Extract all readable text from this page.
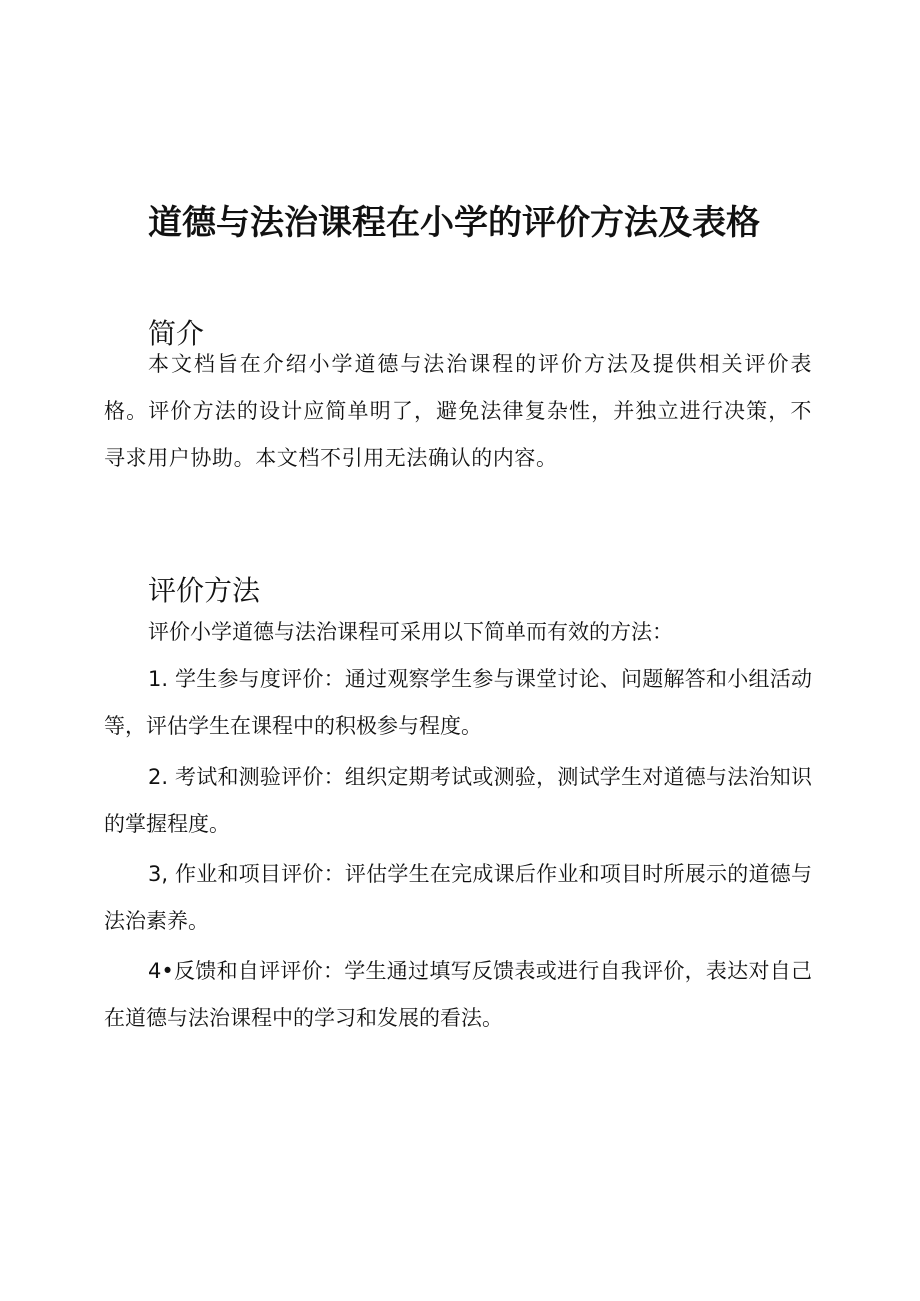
道德与法治课程在小学的评价方法及表格
简介

本文档旨在介绍小学道德与法治课程的评价方法及提供相关评价表格。评价方法的设计应简单明了，避免法律复杂性，并独立进行决策，不寻求用户协助。本文档不引用无法确认的内容。

评价方法

评价小学道德与法治课程可采用以下简单而有效的方法：

1. 学生参与度评价：通过观察学生参与课堂讨论、问题解答和小组活动等，评估学生在课程中的积极参与程度。

2. 考试和测验评价：组织定期考试或测验，测试学生对道德与法治知识的掌握程度。

3, 作业和项目评价：评估学生在完成课后作业和项目时所展示的道德与法治素养。

4•反馈和自评评价：学生通过填写反馈表或进行自我评价，表达对自己在道德与法治课程中的学习和发展的看法。
